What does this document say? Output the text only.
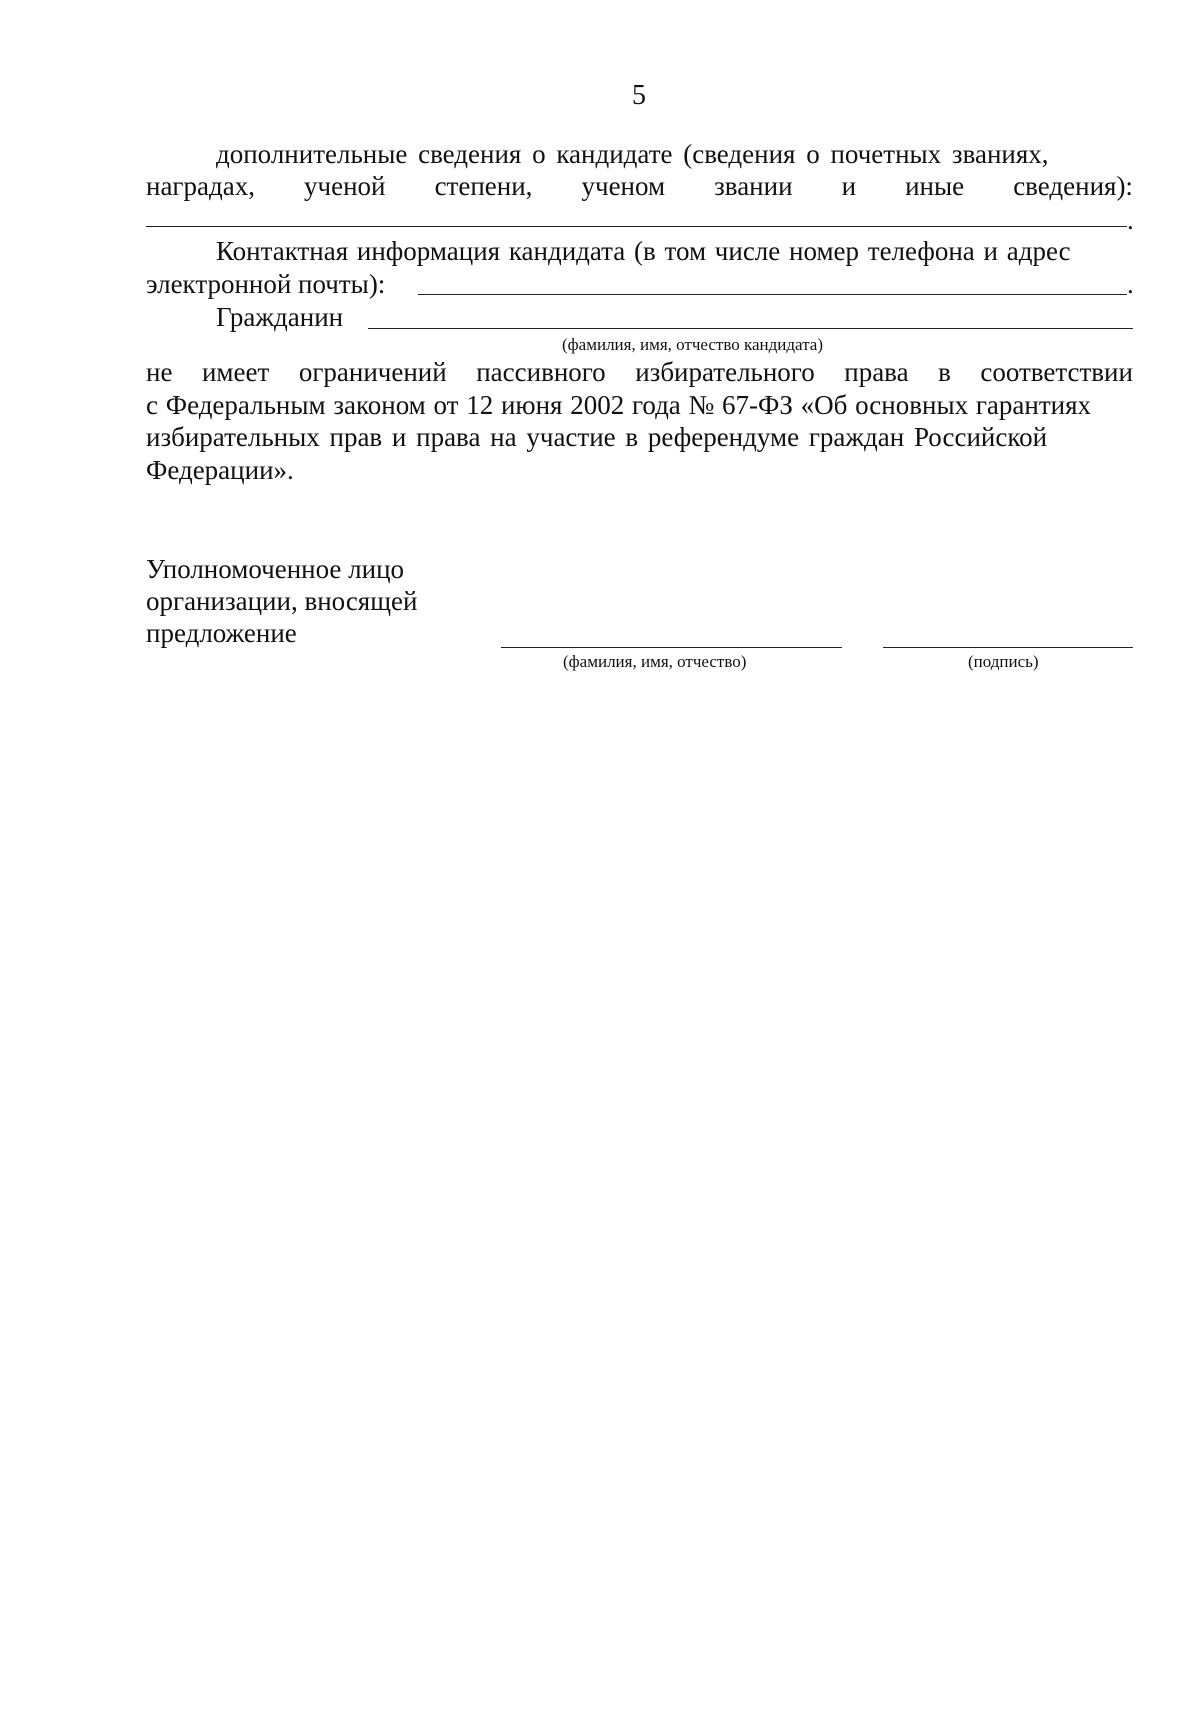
5
дополнительные сведения о кандидате (сведения о почетных званиях,
наградах, ученой степени, ученом звании и иные сведения):
.
Контактная информация кандидата (в том числе номер телефона и адрес
электронной почты):	.
Гражданин
(фамилия, имя, отчество кандидата)
не имеет ограничений пассивного избирательного права в соответствии
с Федеральным законом от 12 июня 2002 года № 67-ФЗ «Об основных гарантиях
избирательных прав и права на участие в референдуме граждан Российской
Федерации».
Уполномоченное лицо
организации, вносящей
предложение
(фамилия, имя, отчество)	(подпись)
